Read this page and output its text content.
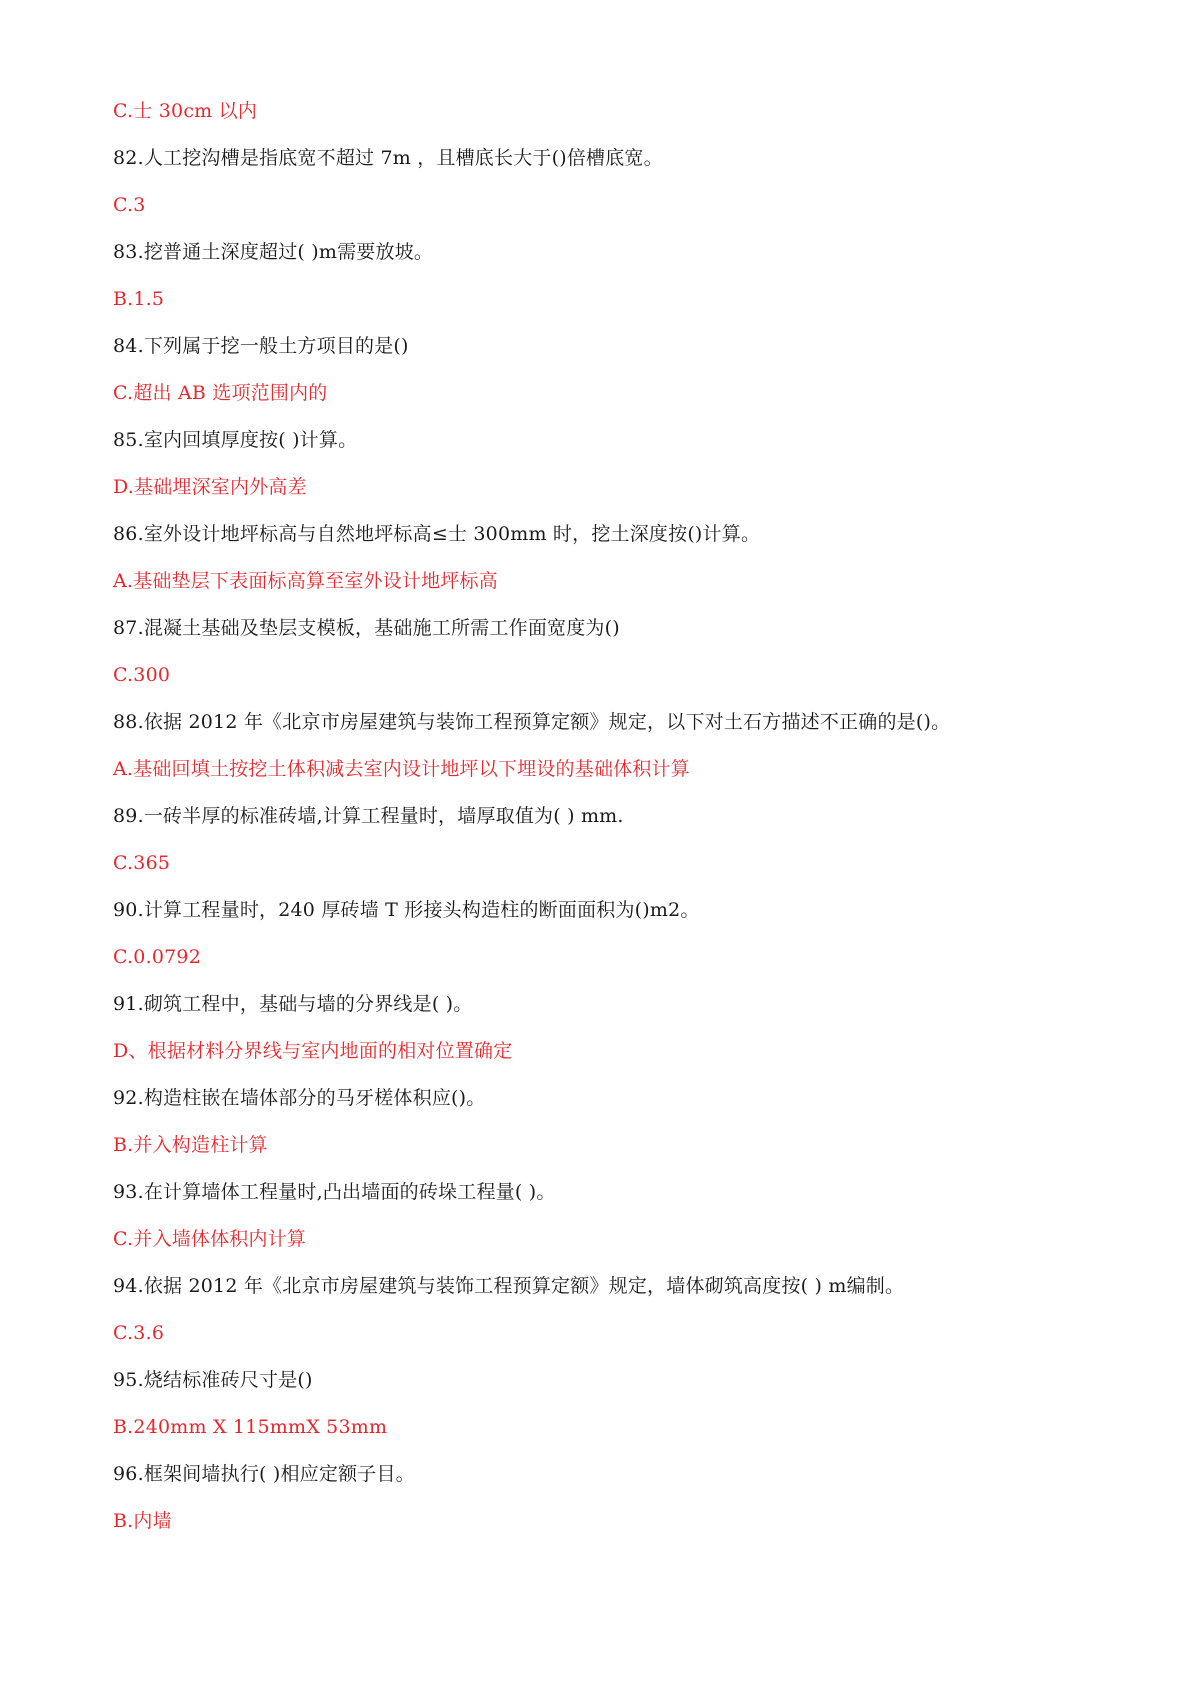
C.士 30cm 以内
82.人工挖沟槽是指底宽不超过 7m ，且槽底长大于()倍槽底宽。
C.3
83.挖普通土深度超过( )m需要放坡。
B.1.5
84.下列属于挖一般土方项目的是()
C.超出 AB 选项范围内的
85.室内回填厚度按( )计算。
D.基础埋深室内外高差
86.室外设计地坪标高与自然地坪标高≤士 300mm 时，挖土深度按()计算。
A.基础垫层下表面标高算至室外设计地坪标高
87.混凝土基础及垫层支模板，基础施工所需工作面宽度为()
C.300
88.依据 2012 年《北京市房屋建筑与装饰工程预算定额》规定，以下对土石方描述不正确的是()。
A.基础回填土按挖土体积减去室内设计地坪以下埋设的基础体积计算
89.一砖半厚的标准砖墙,计算工程量时，墙厚取值为( ) mm.
C.365
90.计算工程量时，240 厚砖墙 T 形接头构造柱的断面面积为()m2。
C.0.0792
91.砌筑工程中，基础与墙的分界线是( )。
D、根据材料分界线与室内地面的相对位置确定
92.构造柱嵌在墙体部分的马牙槎体积应()。
B.并入构造柱计算
93.在计算墙体工程量时,凸出墙面的砖垛工程量( )。
C.并入墙体体积内计算
94.依据 2012 年《北京市房屋建筑与装饰工程预算定额》规定，墙体砌筑高度按( ) m编制。
C.3.6
95.烧结标准砖尺寸是()
B.240mm X 115mmX 53mm
96.框架间墙执行( )相应定额子目。
B.内墙
